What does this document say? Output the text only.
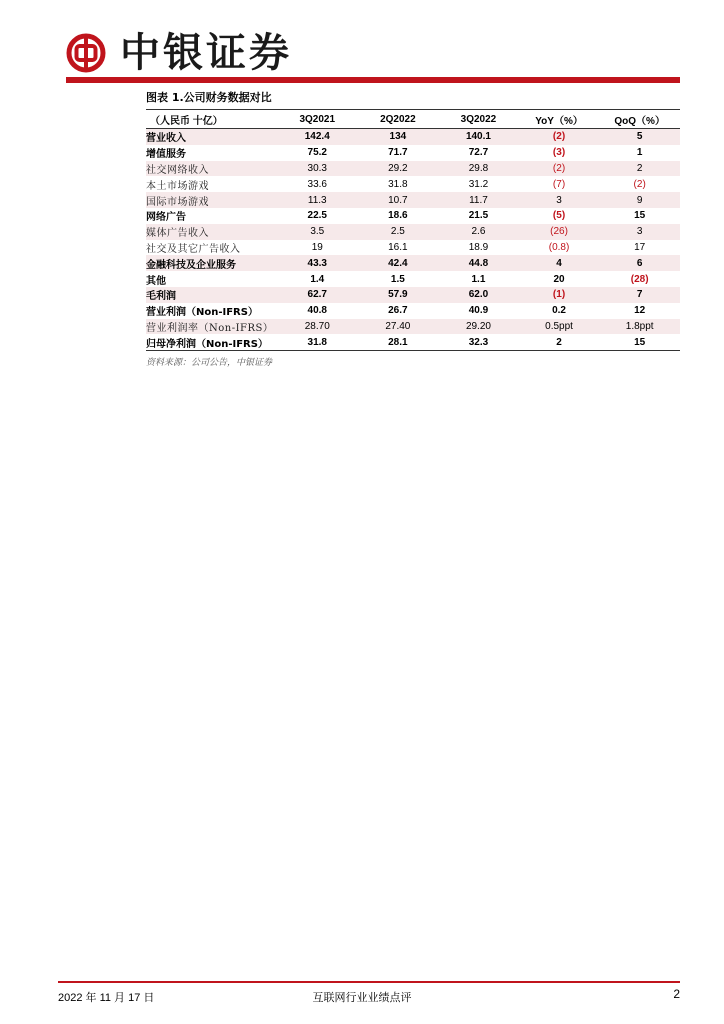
中银证券
图表 1.公司财务数据对比
（人民币 十亿）	3Q2021	2Q2022	3Q2022	YoY（%）	QoQ（%）
营业收入	142.4	134	140.1	(2)	5
增值服务	75.2	71.7	72.7	(3)	1
社交网络收入	30.3	29.2	29.8	(2)	2
本土市场游戏	33.6	31.8	31.2	(7)	(2)
国际市场游戏	11.3	10.7	11.7	3	9
网络广告	22.5	18.6	21.5	(5)	15
媒体广告收入	3.5	2.5	2.6	(26)	3
社交及其它广告收入	19	16.1	18.9	(0.8)	17
金融科技及企业服务	43.3	42.4	44.8	4	6
其他	1.4	1.5	1.1	20	(28)
毛利润	62.7	57.9	62.0	(1)	7
营业利润（Non-IFRS）	40.8	26.7	40.9	0.2	12
营业利润率（Non-IFRS）	28.70	27.40	29.20	0.5ppt	1.8ppt
归母净利润（Non-IFRS）	31.8	28.1	32.3	2	15
资料来源：公司公告，中银证券
2022 年 11 月 17 日	互联网行业业绩点评	2
